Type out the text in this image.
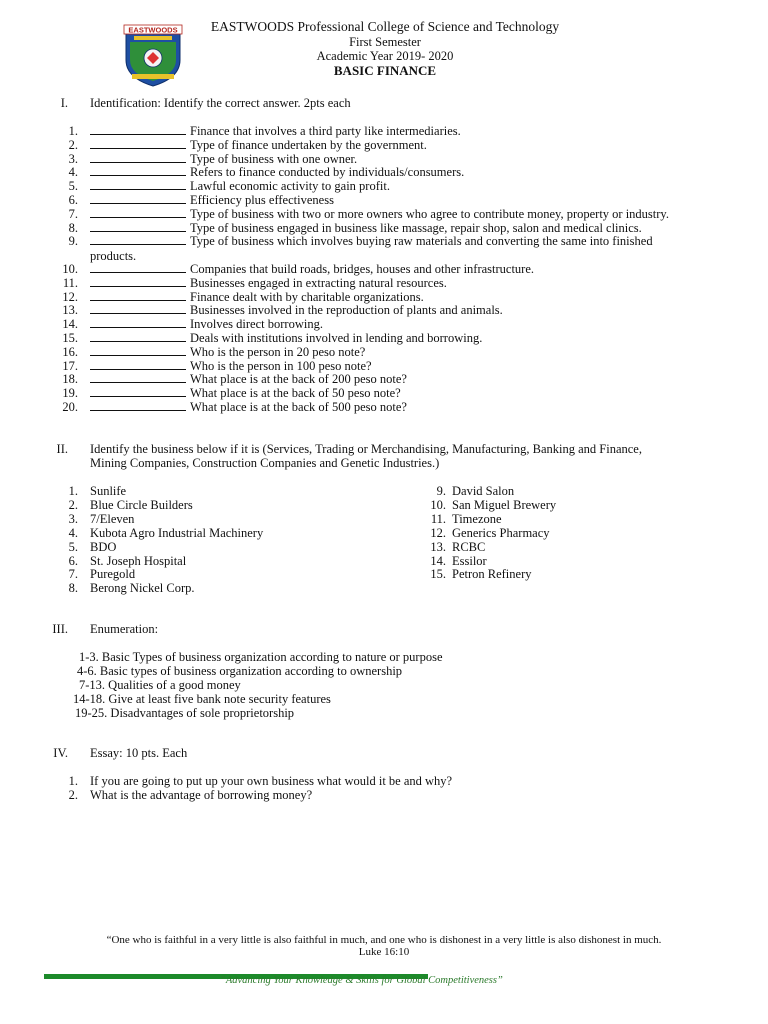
EASTWOODS	EASTWOODS Professional College of Science and Technology
First Semester
Academic Year 2019- 2020
BASIC FINANCE
I. Identification: Identify the correct answer. 2pts each
1.	Finance that involves a third party like intermediaries.
2.	Type of finance undertaken by the government.
3.	Type of business with one owner.
4.	Refers to finance conducted by individuals/consumers.
5.	Lawful economic activity to gain profit.
6.	Efficiency plus effectiveness
7.	Type of business with two or more owners who agree to contribute money, property or industry.
8.	Type of business engaged in business like massage, repair shop, salon and medical clinics.
9.	Type of business which involves buying raw materials and converting the same into finished
10.	Companies that build roads, bridges, houses and other infrastructure.
11.	Businesses engaged in extracting natural resources.
12.	Finance dealt with by charitable organizations.
13.	Businesses involved in the reproduction of plants and animals.
14.	Involves direct borrowing.
15.	Deals with institutions involved in lending and borrowing.
16.	Who is the person in 20 peso note?
17.	Who is the person in 100 peso note?
18.	What place is at the back of 200 peso note?
19.	What place is at the back of 50 peso note?
20.	What place is at the back of 500 peso note?
products.
II. Identify the business below if it is (Services, Trading or Merchandising, Manufacturing, Banking and Finance,
Mining Companies, Construction Companies and Genetic Industries.)
1. Sunlife
2. Blue Circle Builders
3. 7/Eleven
4. Kubota Agro Industrial Machinery
5. BDO
6. St. Joseph Hospital
7. Puregold
8. Berong Nickel Corp.
9. David Salon
10. San Miguel Brewery
11. Timezone
12. Generics Pharmacy
13. RCBC
14. Essilor
15. Petron Refinery
III. Enumeration:
1-3. Basic Types of business organization according to nature or purpose
4-6. Basic types of business organization according to ownership
7-13. Qualities of a good money
14-18. Give at least five bank note security features
19-25. Disadvantages of sole proprietorship
IV. Essay: 10 pts. Each
1. If you are going to put up your own business what would it be and why?
2. What is the advantage of borrowing money?
“One who is faithful in a very little is also faithful in much, and one who is dishonest in a very little is also dishonest in much.
Luke 16:10
“Advancing Your Knowledge & Skills for Global Competitiveness”
